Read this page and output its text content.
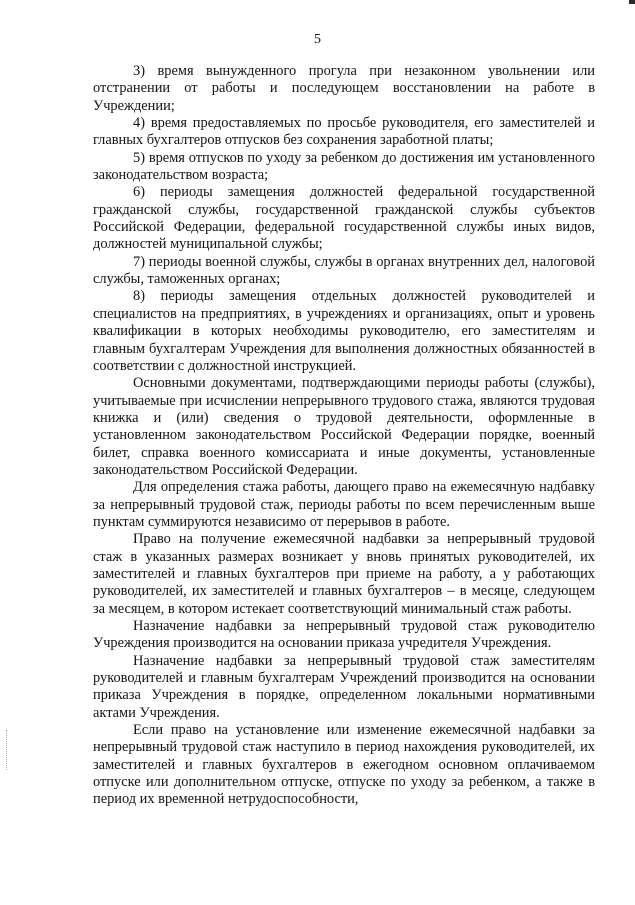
5

3) время вынужденного прогула при незаконном увольнении или отстранении от работы и последующем восстановлении на работе в Учреждении;

4) время предоставляемых по просьбе руководителя, его заместителей и главных бухгалтеров отпусков без сохранения заработной платы;

5) время отпусков по уходу за ребенком до достижения им установленного законодательством возраста;

6) периоды замещения должностей федеральной государственной гражданской службы, государственной гражданской службы субъектов Российской Федерации, федеральной государственной службы иных видов, должностей муниципальной службы;

7) периоды военной службы, службы в органах внутренних дел, налоговой службы, таможенных органах;

8) периоды замещения отдельных должностей руководителей и специалистов на предприятиях, в учреждениях и организациях, опыт и уровень квалификации в которых необходимы руководителю, его заместителям и главным бухгалтерам Учреждения для выполнения должностных обязанностей в соответствии с должностной инструкцией.

Основными документами, подтверждающими периоды работы (службы), учитываемые при исчислении непрерывного трудового стажа, являются трудовая книжка и (или) сведения о трудовой деятельности, оформленные в установленном законодательством Российской Федерации порядке, военный билет, справка военного комиссариата и иные документы, установленные законодательством Российской Федерации.

Для определения стажа работы, дающего право на ежемесячную надбавку за непрерывный трудовой стаж, периоды работы по всем перечисленным выше пунктам суммируются независимо от перерывов в работе.

Право на получение ежемесячной надбавки за непрерывный трудовой стаж в указанных размерах возникает у вновь принятых руководителей, их заместителей и главных бухгалтеров при приеме на работу, а у работающих руководителей, их заместителей и главных бухгалтеров – в месяце, следующем за месяцем, в котором истекает соответствующий минимальный стаж работы.

Назначение надбавки за непрерывный трудовой стаж руководителю Учреждения производится на основании приказа учредителя Учреждения.

Назначение надбавки за непрерывный трудовой стаж заместителям руководителей и главным бухгалтерам Учреждений производится на основании приказа Учреждения в порядке, определенном локальными нормативными актами Учреждения.

Если право на установление или изменение ежемесячной надбавки за непрерывный трудовой стаж наступило в период нахождения руководителей, их заместителей и главных бухгалтеров в ежегодном основном оплачиваемом отпуске или дополнительном отпуске, отпуске по уходу за ребенком, а также в период их временной нетрудоспособности,
